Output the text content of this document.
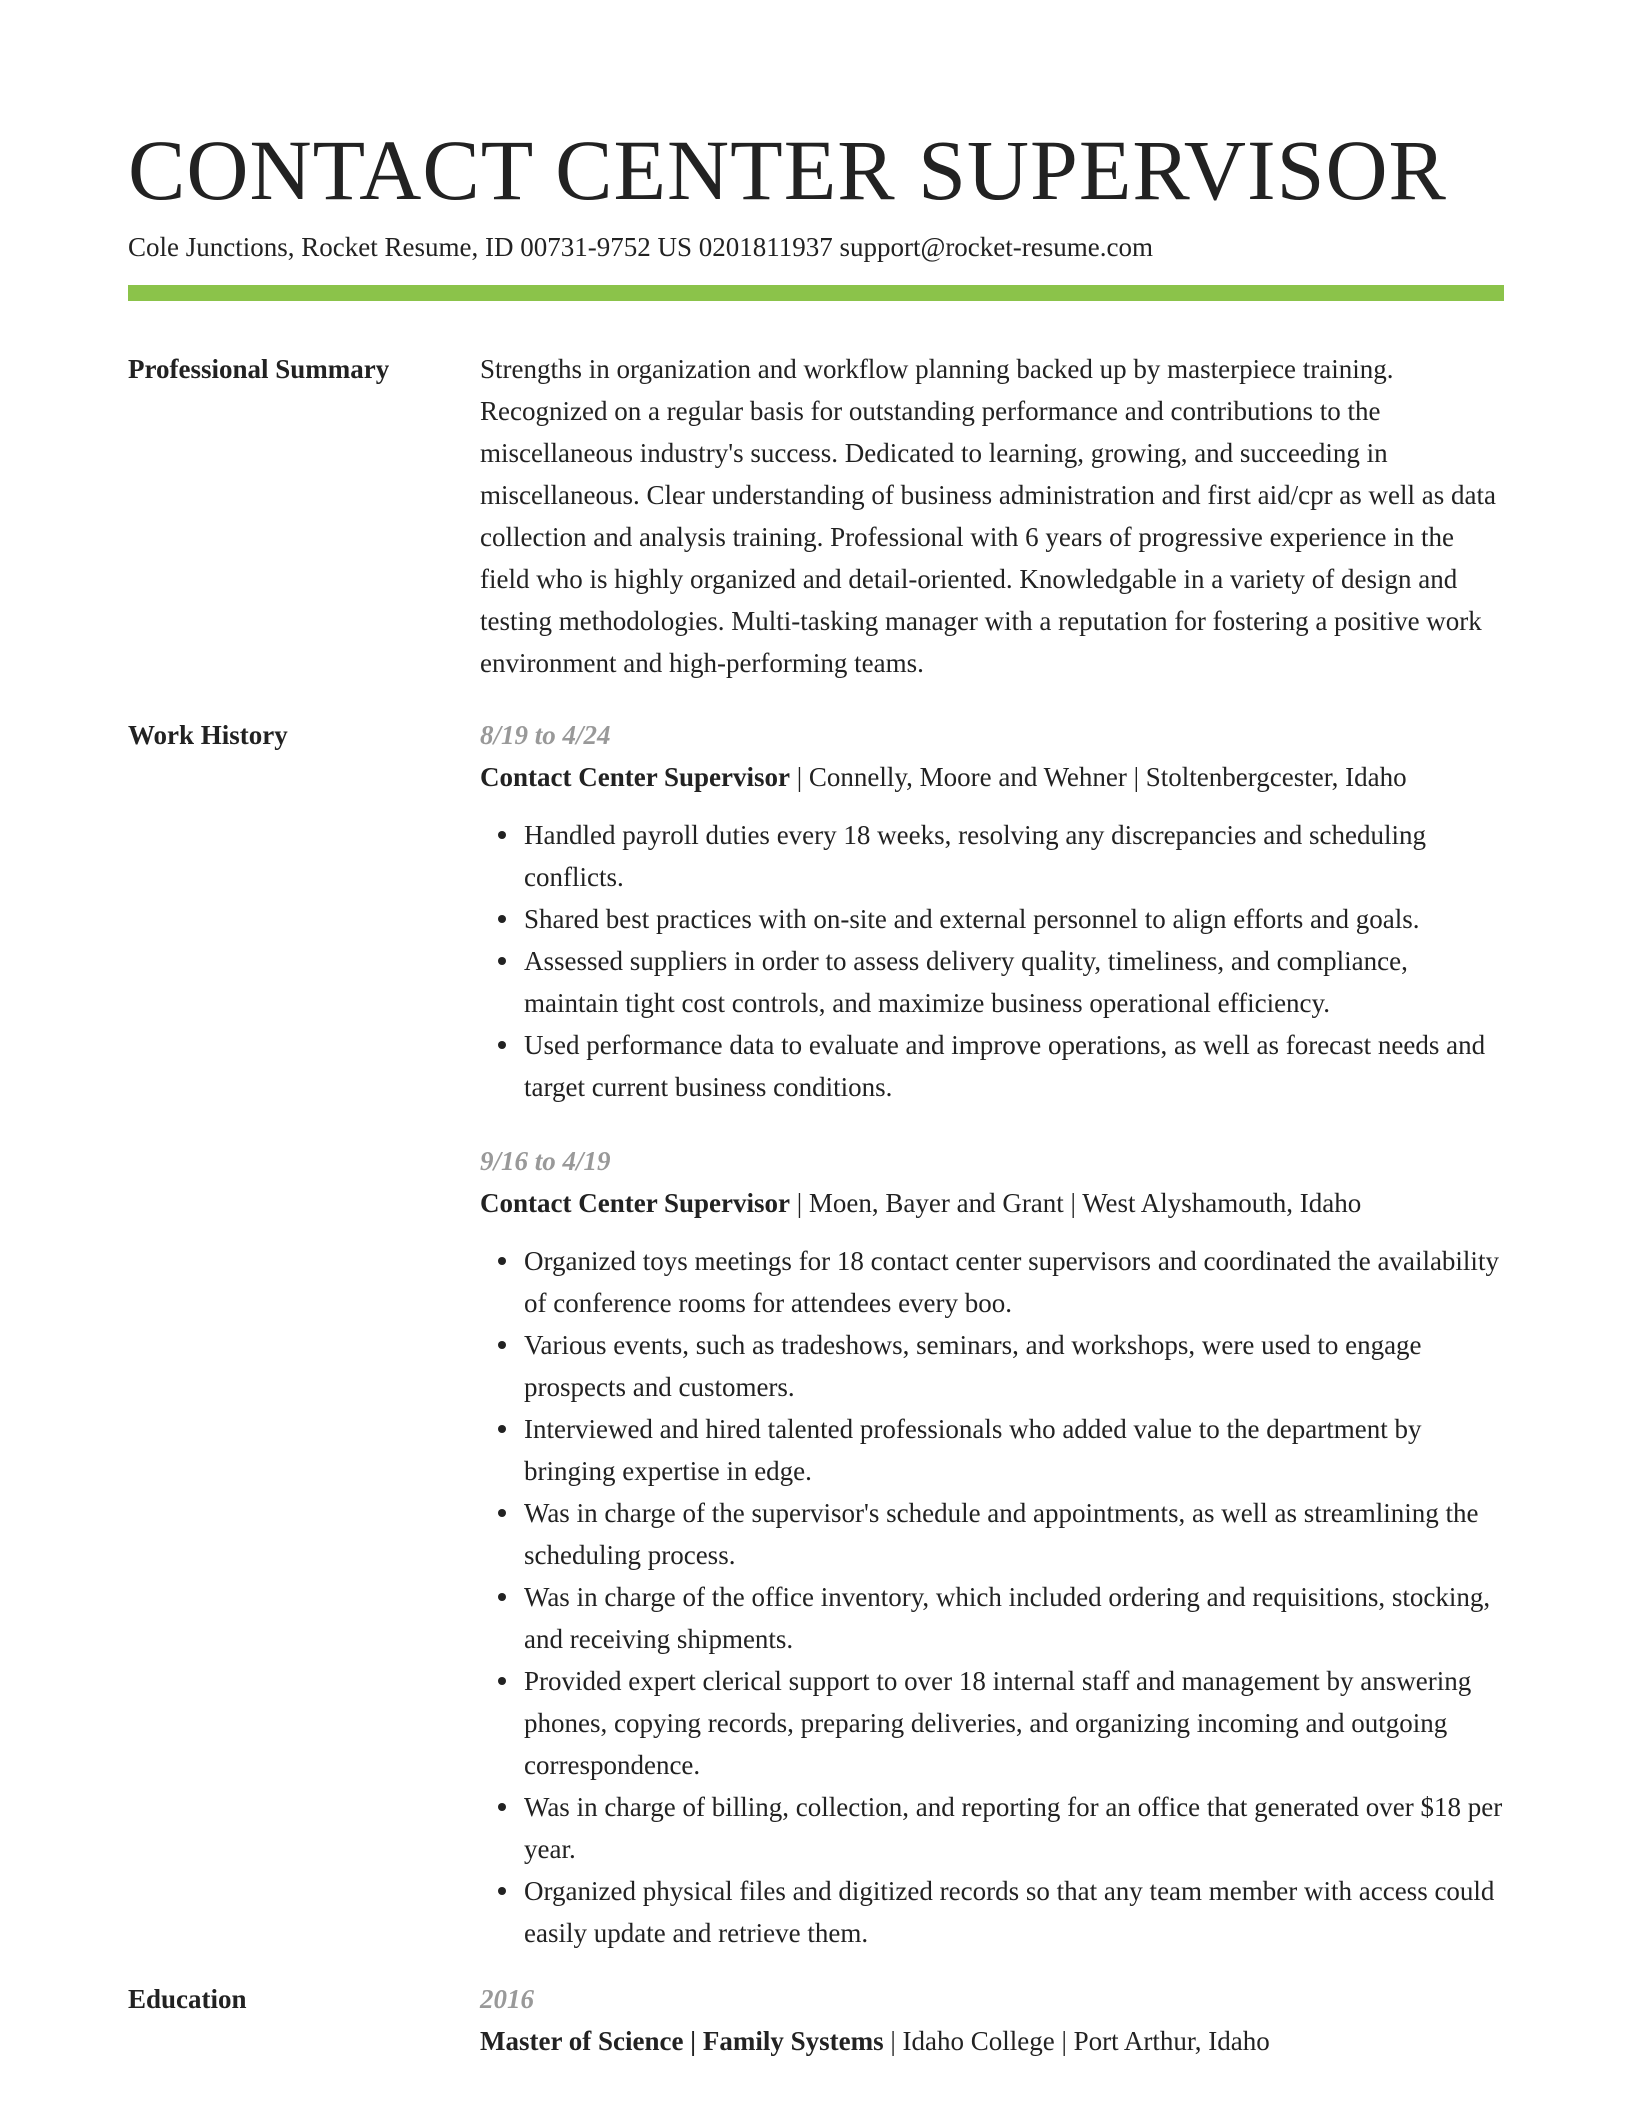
CONTACT CENTER SUPERVISOR
Cole Junctions, Rocket Resume, ID 00731-9752 US 0201811937 support@rocket-resume.com
Professional Summary	Strengths in organization and workflow planning backed up by masterpiece training. Recognized on a regular basis for outstanding performance and contributions to the miscellaneous industry's success. Dedicated to learning, growing, and succeeding in miscellaneous. Clear understanding of business administration and first aid/cpr as well as data collection and analysis training. Professional with 6 years of progressive experience in the field who is highly organized and detail-oriented. Knowledgable in a variety of design and testing methodologies. Multi-tasking manager with a reputation for fostering a positive work environment and high-performing teams.

Work History	8/19 to 4/24
Contact Center Supervisor | Connelly, Moore and Wehner | Stoltenbergcester, Idaho
Handled payroll duties every 18 weeks, resolving any discrepancies and scheduling conflicts.
Shared best practices with on-site and external personnel to align efforts and goals.
Assessed suppliers in order to assess delivery quality, timeliness, and compliance, maintain tight cost controls, and maximize business operational efficiency.
Used performance data to evaluate and improve operations, as well as forecast needs and target current business conditions.
9/16 to 4/19
Contact Center Supervisor | Moen, Bayer and Grant | West Alyshamouth, Idaho
Organized toys meetings for 18 contact center supervisors and coordinated the availability of conference rooms for attendees every boo.
Various events, such as tradeshows, seminars, and workshops, were used to engage prospects and customers.
Interviewed and hired talented professionals who added value to the department by bringing expertise in edge.
Was in charge of the supervisor's schedule and appointments, as well as streamlining the scheduling process.
Was in charge of the office inventory, which included ordering and requisitions, stocking, and receiving shipments.
Provided expert clerical support to over 18 internal staff and management by answering phones, copying records, preparing deliveries, and organizing incoming and outgoing correspondence.
Was in charge of billing, collection, and reporting for an office that generated over $18 per year.
Organized physical files and digitized records so that any team member with access could easily update and retrieve them.
Education	2016
Master of Science | Family Systems | Idaho College | Port Arthur, Idaho
